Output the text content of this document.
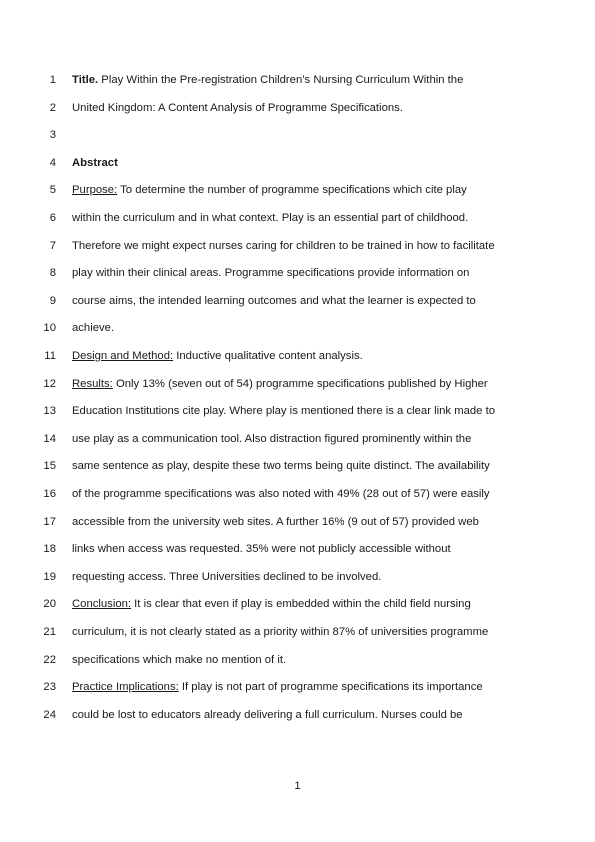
1 Title. Play Within the Pre-registration Children’s Nursing Curriculum Within the
2 United Kingdom: A Content Analysis of Programme Specifications.
3
4 Abstract
5 Purpose: To determine the number of programme specifications which cite play
6 within the curriculum and in what context. Play is an essential part of childhood.
7 Therefore we might expect nurses caring for children to be trained in how to facilitate
8 play within their clinical areas. Programme specifications provide information on
9 course aims, the intended learning outcomes and what the learner is expected to
10 achieve.
11 Design and Method: Inductive qualitative content analysis.
12 Results: Only 13% (seven out of 54) programme specifications published by Higher
13 Education Institutions cite play. Where play is mentioned there is a clear link made to
14 use play as a communication tool. Also distraction figured prominently within the
15 same sentence as play, despite these two terms being quite distinct. The availability
16 of the programme specifications was also noted with 49% (28 out of 57) were easily
17 accessible from the university web sites. A further 16% (9 out of 57) provided web
18 links when access was requested. 35% were not publicly accessible without
19 requesting access. Three Universities declined to be involved.
20 Conclusion: It is clear that even if play is embedded within the child field nursing
21 curriculum, it is not clearly stated as a priority within 87% of universities programme
22 specifications which make no mention of it.
23 Practice Implications: If play is not part of programme specifications its importance
24 could be lost to educators already delivering a full curriculum. Nurses could be
1
